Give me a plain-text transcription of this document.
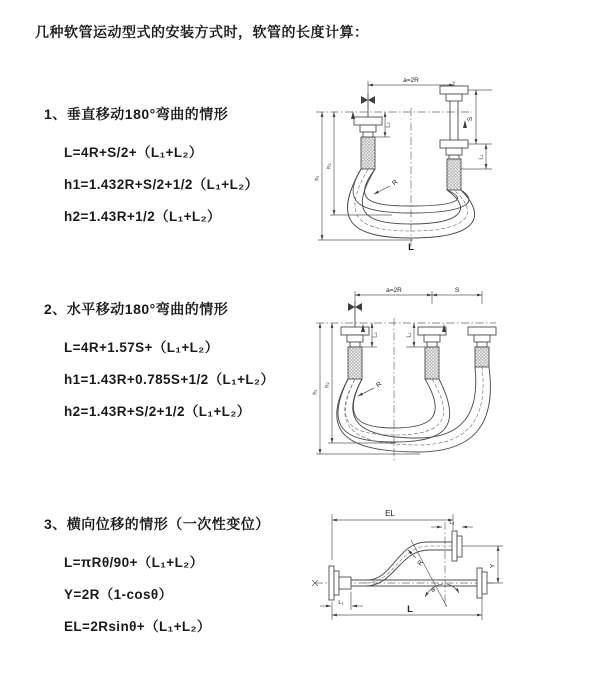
几种软管运动型式的安装方式时，软管的长度计算：
1、垂直移动180°弯曲的情形
L=4R+S/2+（L₁+L₂）
h1=1.432R+S/2+1/2（L₁+L₂）
h2=1.43R+1/2（L₁+L₂）
2、水平移动180°弯曲的情形
L=4R+1.57S+（L₁+L₂）
h1=1.43R+0.785S+1/2（L₁+L₂）
h2=1.43R+S/2+1/2（L₁+L₂）
3、横向位移的情形（一次性变位）
L=πRθ/90+（L₁+L₂）
Y=2R（1-cosθ）
EL=2Rsinθ+（L₁+L₂）
a=2R
S
L₁
L₂
h₁
h₂
R
L
a=2R	S
L₂	L₁
h₁
h₂	R
EL
L₁
θ
R	Y
L₁
L
